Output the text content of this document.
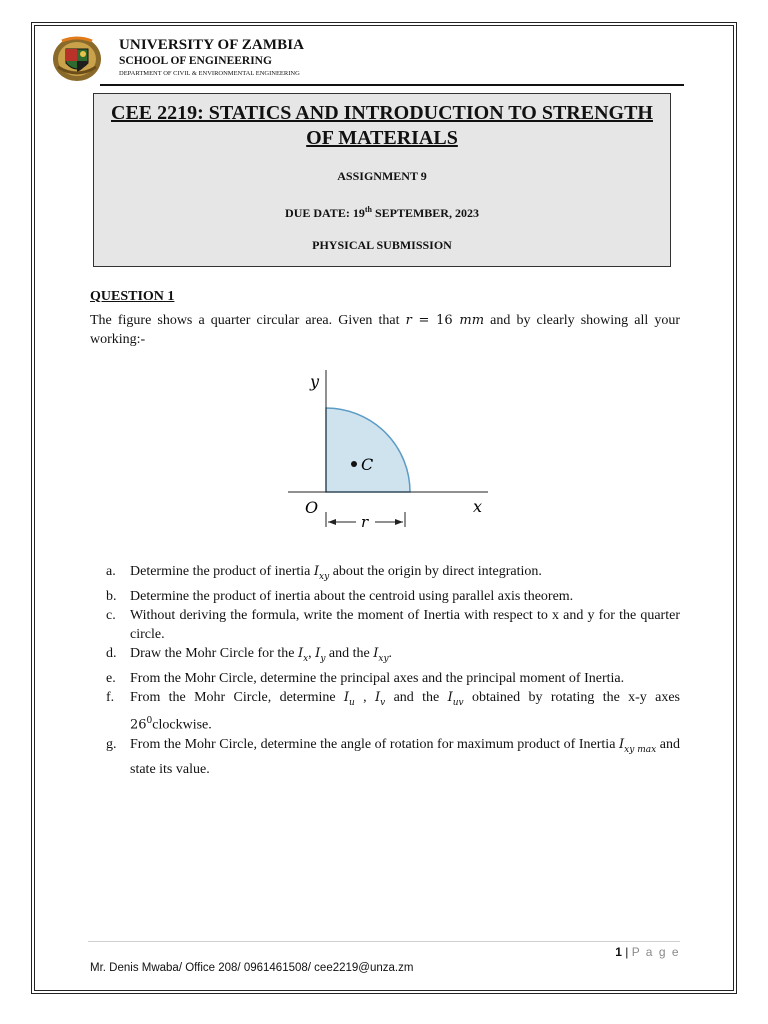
UNIVERSITY OF ZAMBIA
SCHOOL OF ENGINEERING
DEPARTMENT OF CIVIL & ENVIRONMENTAL ENGINEERING
CEE 2219: STATICS AND INTRODUCTION TO STRENGTH
OF MATERIALS
ASSIGNMENT 9
DUE DATE: 19th SEPTEMBER, 2023
PHYSICAL SUBMISSION
QUESTION 1
The figure shows a quarter circular area. Given that r = 16 mm and by clearly showing all your working:-
C
y
x
O
r
a. Determine the product of inertia $I_{xy}$ about the origin by direct integration.
b. Determine the product of inertia about the centroid using parallel axis theorem.
c. Without deriving the formula, write the moment of Inertia with respect to x and y for the quarter circle.
d. Draw the Mohr Circle for the $I_x$, $I_y$ and the $I_{xy}$.
e. From the Mohr Circle, determine the principal axes and the principal moment of Inertia.
f. From the Mohr Circle, determine $I_u$ , $I_v$ and the $I_{uv}$ obtained by rotating the x-y axes $26^0clockwise$.
g. From the Mohr Circle, determine the angle of rotation for maximum product of Inertia $I_{xy max}$ and state its value.
1 | P a g e
Mr. Denis Mwaba/ Office 208/ 0961461508/ cee2219@unza.zm
